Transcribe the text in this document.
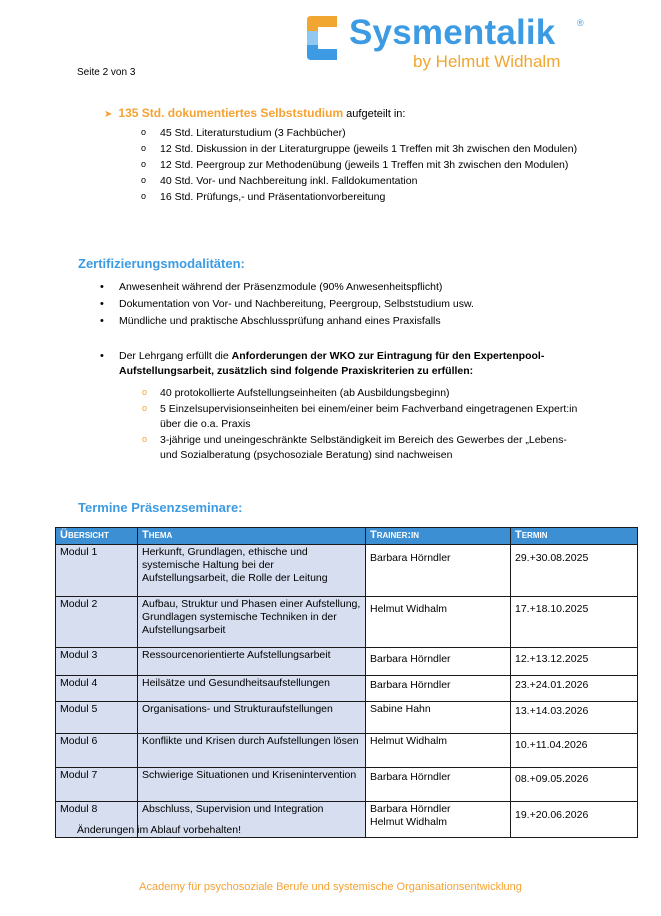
Sysmentalik ®
by Helmut Widhalm
Seite 2 von 3
➤ 135 Std. dokumentiertes Selbststudium aufgeteilt in:
o 45 Std. Literaturstudium (3 Fachbücher)
o 12 Std. Diskussion in der Literaturgruppe (jeweils 1 Treffen mit 3h zwischen den Modulen)
o 12 Std. Peergroup zur Methodenübung (jeweils 1 Treffen mit 3h zwischen den Modulen)
o 40 Std. Vor- und Nachbereitung inkl. Falldokumentation
o 16 Std. Prüfungs,- und Präsentationvorbereitung
Zertifizierungsmodalitäten:
• Anwesenheit während der Präsenzmodule (90% Anwesenheitspflicht)
• Dokumentation von Vor- und Nachbereitung, Peergroup, Selbststudium usw.
• Mündliche und praktische Abschlussprüfung anhand eines Praxisfalls
• Der Lehrgang erfüllt die Anforderungen der WKO zur Eintragung für den Expertenpool-Aufstellungsarbeit, zusätzlich sind folgende Praxiskriterien zu erfüllen:
o 40 protokollierte Aufstellungseinheiten (ab Ausbildungsbeginn)
o 5 Einzelsupervisionseinheiten bei einem/einer beim Fachverband eingetragenen Expert:in über die o.a. Praxis
o 3-jährige und uneingeschränkte Selbständigkeit im Bereich des Gewerbes der „Lebens- und Sozialberatung (psychosoziale Beratung) sind nachweisen
Termine Präsenzseminare:
Übersicht	Thema	Trainer:in	Termin
Modul 1	Herkunft, Grundlagen, ethische und systemische Haltung bei der Aufstellungsarbeit, die Rolle der Leitung	Barbara Hörndler	29.+30.08.2025
Modul 2	Aufbau, Struktur und Phasen einer Aufstellung, Grundlagen systemische Techniken in der Aufstellungsarbeit	Helmut Widhalm	17.+18.10.2025
Modul 3	Ressourcenorientierte Aufstellungsarbeit	Barbara Hörndler	12.+13.12.2025
Modul 4	Heilsätze und Gesundheitsaufstellungen	Barbara Hörndler	23.+24.01.2026
Modul 5	Organisations- und Strukturaufstellungen	Sabine Hahn	13.+14.03.2026
Modul 6	Konflikte und Krisen durch Aufstellungen lösen	Helmut Widhalm	10.+11.04.2026
Modul 7	Schwierige Situationen und Krisenintervention	Barbara Hörndler	08.+09.05.2026
Modul 8	Abschluss, Supervision und Integration	Barbara Hörndler
Helmut Widhalm	19.+20.06.2026
Änderungen im Ablauf vorbehalten!
Academy für psychosoziale Berufe und systemische Organisationsentwicklung
